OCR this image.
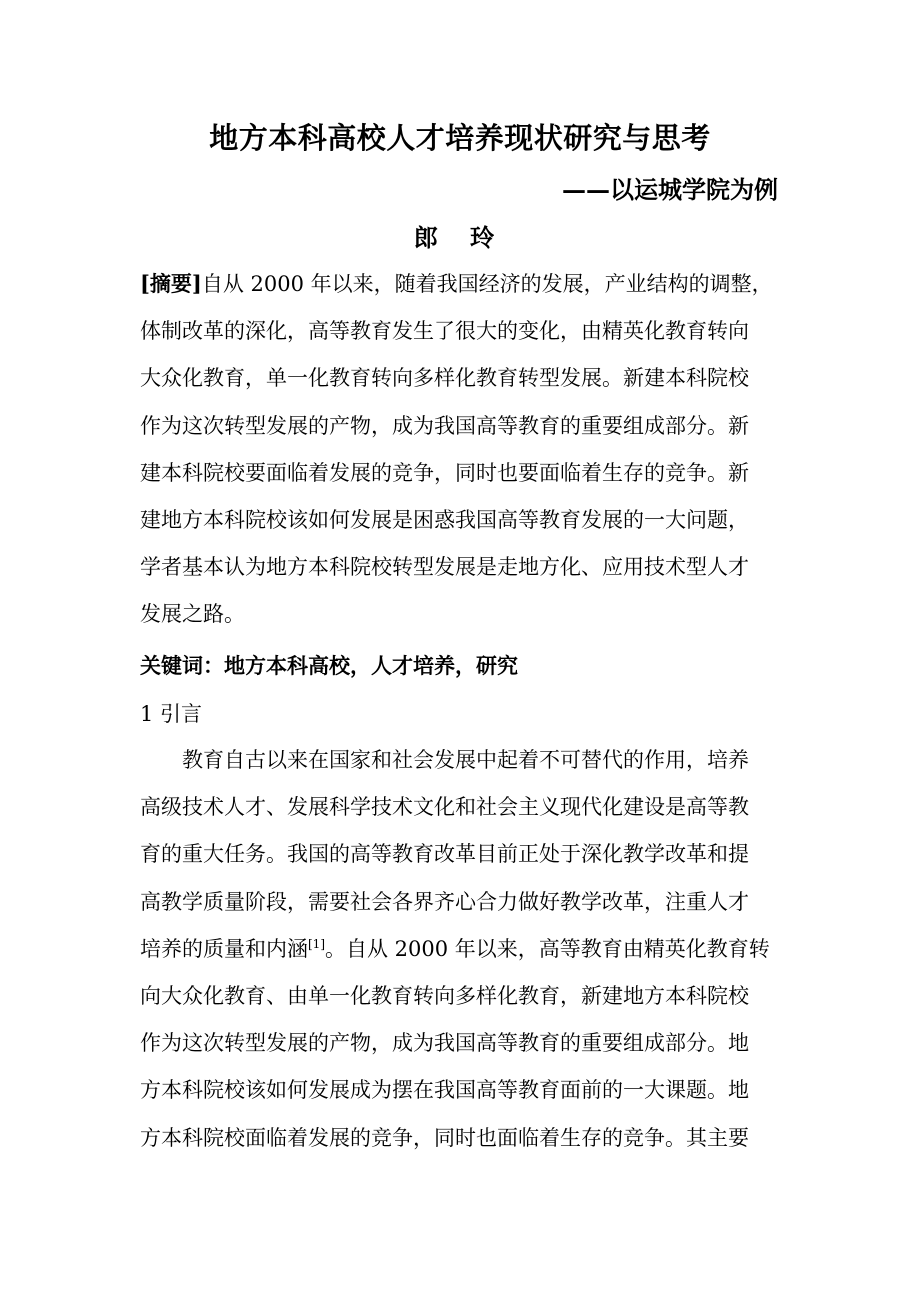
地方本科高校人才培养现状研究与思考
——以运城学院为例
郎 玲
[摘要]自从 2000 年以来，随着我国经济的发展，产业结构的调整，
体制改革的深化，高等教育发生了很大的变化，由精英化教育转向
大众化教育，单一化教育转向多样化教育转型发展。新建本科院校
作为这次转型发展的产物，成为我国高等教育的重要组成部分。新
建本科院校要面临着发展的竞争，同时也要面临着生存的竞争。新
建地方本科院校该如何发展是困惑我国高等教育发展的一大问题，
学者基本认为地方本科院校转型发展是走地方化、应用技术型人才
发展之路。
关键词：地方本科高校，人才培养，研究
1 引言
教育自古以来在国家和社会发展中起着不可替代的作用，培养
高级技术人才、发展科学技术文化和社会主义现代化建设是高等教
育的重大任务。我国的高等教育改革目前正处于深化教学改革和提
高教学质量阶段，需要社会各界齐心合力做好教学改革，注重人才
培养的质量和内涵[1]。自从 2000 年以来，高等教育由精英化教育转
向大众化教育、由单一化教育转向多样化教育，新建地方本科院校
作为这次转型发展的产物，成为我国高等教育的重要组成部分。地
方本科院校该如何发展成为摆在我国高等教育面前的一大课题。地
方本科院校面临着发展的竞争，同时也面临着生存的竞争。其主要
